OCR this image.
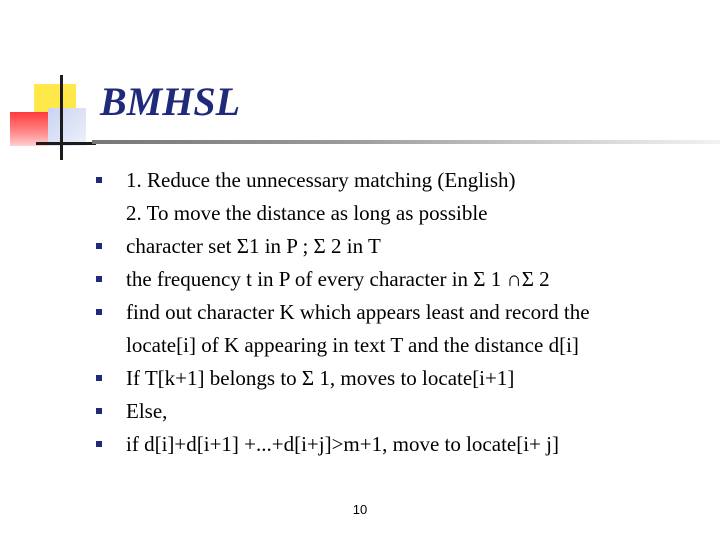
BMHSL
1. Reduce the unnecessary matching (English)
2. To move the distance as long as possible
character set Σ1 in P ; Σ 2 in T
the frequency t in P of every character in Σ 1 ∩Σ 2
find out character K which appears least and record the
locate[i] of K appearing in text T and the distance d[i]
If T[k+1] belongs to Σ 1, moves to locate[i+1]
Else,
if d[i]+d[i+1] +...+d[i+j]>m+1, move to locate[i+ j]
10
